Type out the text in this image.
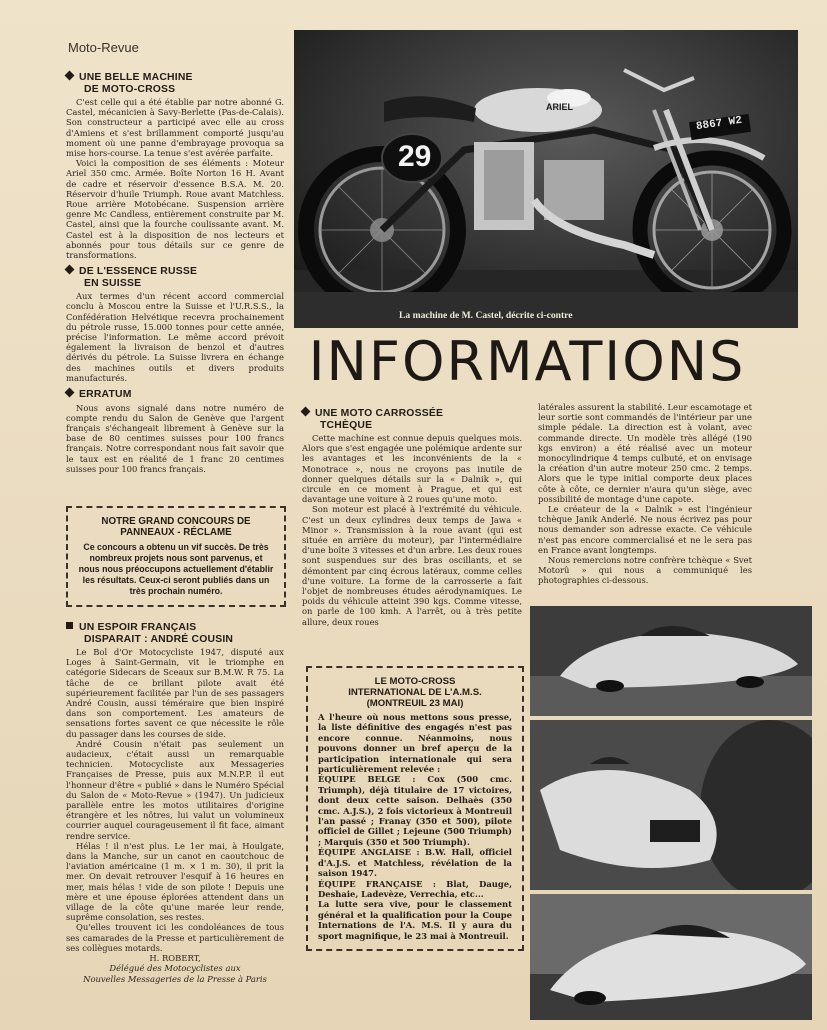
Moto-Revue
ARIEL
29
8867 W2
La machine de M. Castel, décrite ci-contre
INFORMATIONS
UNE BELLE MACHINE
DE MOTO-CROSS

C'est celle qui a été établie par notre abonné G. Castel, mécanicien à Savy-Berlette (Pas-de-Calais). Son constructeur a participé avec elle au cross d'Amiens et s'est brillamment comporté jusqu'au moment où une panne d'embrayage provoqua sa mise hors-course. La tenue s'est avérée parfaite.

Voici la composition de ses éléments : Moteur Ariel 350 cmc. Armée. Boîte Norton 16 H. Avant de cadre et réservoir d'essence B.S.A. M. 20. Réservoir d'huile Triumph. Roue avant Matchless. Roue arrière Motobécane. Suspension arrière genre Mc Candless, entièrement construite par M. Castel, ainsi que la fourche coulissante avant. M. Castel est à la disposition de nos lecteurs et abonnés pour tous détails sur ce genre de transformations.

DE L'ESSENCE RUSSE
EN SUISSE

Aux termes d'un récent accord commercial conclu à Moscou entre la Suisse et l'U.R.S.S., la Confédération Helvétique recevra prochainement du pétrole russe, 15.000 tonnes pour cette année, précise l'information. Le même accord prévoit également la livraison de benzol et d'autres dérivés du pétrole. La Suisse livrera en échange des machines outils et divers produits manufacturés.

ERRATUM

Nous avons signalé dans notre numéro de compte rendu du Salon de Genève que l'argent français s'échangeait librement à Genève sur la base de 80 centimes suisses pour 100 francs français. Notre correspondant nous fait savoir que le taux est en réalité de 1 franc 20 centimes suisses pour 100 francs français.

NOTRE GRAND CONCOURS DE PANNEAUX - RÉCLAME
Ce concours a obtenu un vif succès. De très nombreux projets nous sont parvenus, et nous nous préoccupons actuellement d'établir les résultats. Ceux-ci seront publiés dans un très prochain numéro.
UN ESPOIR FRANÇAIS
DISPARAIT : ANDRÉ COUSIN

Le Bol d'Or Motocycliste 1947, disputé aux Loges à Saint-Germain, vit le triomphe en catégorie Sidecars de Sceaux sur B.M.W. R 75. La tâche de ce brillant pilote avait été supérieurement facilitée par l'un de ses passagers André Cousin, aussi téméraire que bien inspiré dans son comportement. Les amateurs de sensations fortes savent ce que nécessite le rôle du passager dans les courses de side.

André Cousin n'était pas seulement un audacieux, c'était aussi un remarquable technicien. Motocycliste aux Messageries Françaises de Presse, puis aux M.N.P.P. il eut l'honneur d'être « publié » dans le Numéro Spécial du Salon de « Moto-Revue » (1947). Un judicieux parallèle entre les motos utilitaires d'origine étrangère et les nôtres, lui valut un volumineux courrier auquel courageusement il fit face, aimant rendre service.

Hélas ! il n'est plus. Le 1er mai, à Houlgate, dans la Manche, sur un canot en caoutchouc de l'aviation américaine (1 m. × 1 m. 30), il prit la mer. On devait retrouver l'esquif à 16 heures en mer, mais hélas ! vide de son pilote ! Depuis une mère et une épouse éplorées attendent dans un village de la côte qu'une marée leur rende, suprême consolation, ses restes.

Qu'elles trouvent ici les condoléances de tous ses camarades de la Presse et particulièrement de ses collègues motards.

H. ROBERT,
Délégué des Motocyclistes aux
Nouvelles Messageries de la Presse à Paris
UNE MOTO CARROSSÉE
TCHÈQUE

Cette machine est connue depuis quelques mois. Alors que s'est engagée une polémique ardente sur les avantages et les inconvénients de la « Monotrace », nous ne croyons pas inutile de donner quelques détails sur la « Dalnik », qui circule en ce moment à Prague, et qui est davantage une voiture à 2 roues qu'une moto.

Son moteur est placé à l'extrémité du véhicule. C'est un deux cylindres deux temps de Jawa « Minor ». Transmission à la roue avant (qui est située en arrière du moteur), par l'intermédiaire d'une boîte 3 vitesses et d'un arbre. Les deux roues sont suspendues sur des bras oscillants, et se démontent par cinq écrous latéraux, comme celles d'une voiture. La forme de la carrosserie a fait l'objet de nombreuses études aérodynamiques. Le poids du véhicule atteint 390 kgs. Comme vitesse, on parle de 100 kmh. A l'arrêt, ou à très petite allure, deux roues

LE MOTO-CROSS
INTERNATIONAL DE L'A.M.S.
(MONTREUIL 23 MAI)

A l'heure où nous mettons sous presse, la liste définitive des engagés n'est pas encore connue. Néanmoins, nous pouvons donner un bref aperçu de la participation internationale qui sera particulièrement relevée :

ÉQUIPE BELGE : Cox (500 cmc. Triumph), déjà titulaire de 17 victoires, dont deux cette saison. Delhaès (350 cmc. A.J.S.), 2 fois victorieux à Montreuil l'an passé ; Franay (350 et 500), pilote officiel de Gillet ; Lejeune (500 Triumph) ; Marquis (350 et 500 Triumph).

ÉQUIPE ANGLAISE : B.W. Hall, officiel d'A.J.S. et Matchless, révélation de la saison 1947.

ÉQUIPE FRANÇAISE : Blat, Dauge, Deshaie, Ladevèze, Verrechia, etc...

La lutte sera vive, pour le classement général et la qualification pour la Coupe Internations de l'A. M.S. Il y aura du sport magnifique, le 23 mai à Montreuil.

latérales assurent la stabilité. Leur escamotage et leur sortie sont commandés de l'intérieur par une simple pédale. La direction est à volant, avec commande directe. Un modèle très allégé (190 kgs environ) a été réalisé avec un moteur monocylindrique 4 temps culbuté, et on envisage la création d'un autre moteur 250 cmc. 2 temps. Alors que le type initial comporte deux places côte à côte, ce dernier n'aura qu'un siège, avec possibilité de montage d'une capote.

Le créateur de la « Dalnik » est l'ingénieur tchèque Janik Anderlé. Ne nous écrivez pas pour nous demander son adresse exacte. Ce véhicule n'est pas encore commercialisé et ne le sera pas en France avant longtemps.

Nous remercions notre confrère tchèque « Svet Motorû » qui nous a communiqué les photographies ci-dessous.
